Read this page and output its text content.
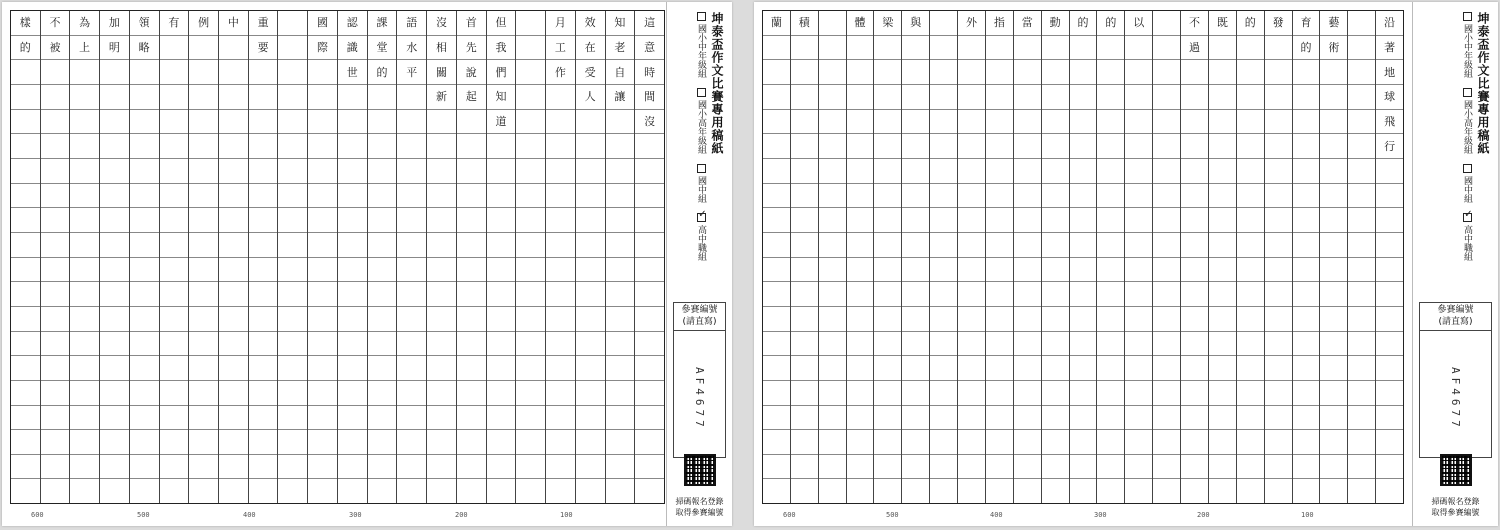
這
意
時
間
沒
知
老
自
讓
效
在
受
人
月
工
作
但
我
們
知
道
首
先
說
起
沒
相
關
新
語
水
平
課
堂
的
認
識
世
國
際
重
要
中
例
有
領
略
加
明
為
上
不
被
樣
的
600	500	400	300	200	100
坤泰盃作文比賽專用稿紙
國小中年級組
國小高年級組
國中組
✓
高中職組
參賽編號
(請直寫)
AF4677
掃碼報名登錄
取得參賽編號
沿
著
地
球
飛
行
藝
術
育
的
發
的
既
不
過
以
的
的
動
當
指
外
與
梁
體
積
蘭
600	500	400	300	200	100
坤泰盃作文比賽專用稿紙
國小中年級組
國小高年級組
國中組
✓
高中職組
參賽編號
(請直寫)
AF4677
掃碼報名登錄
取得參賽編號
